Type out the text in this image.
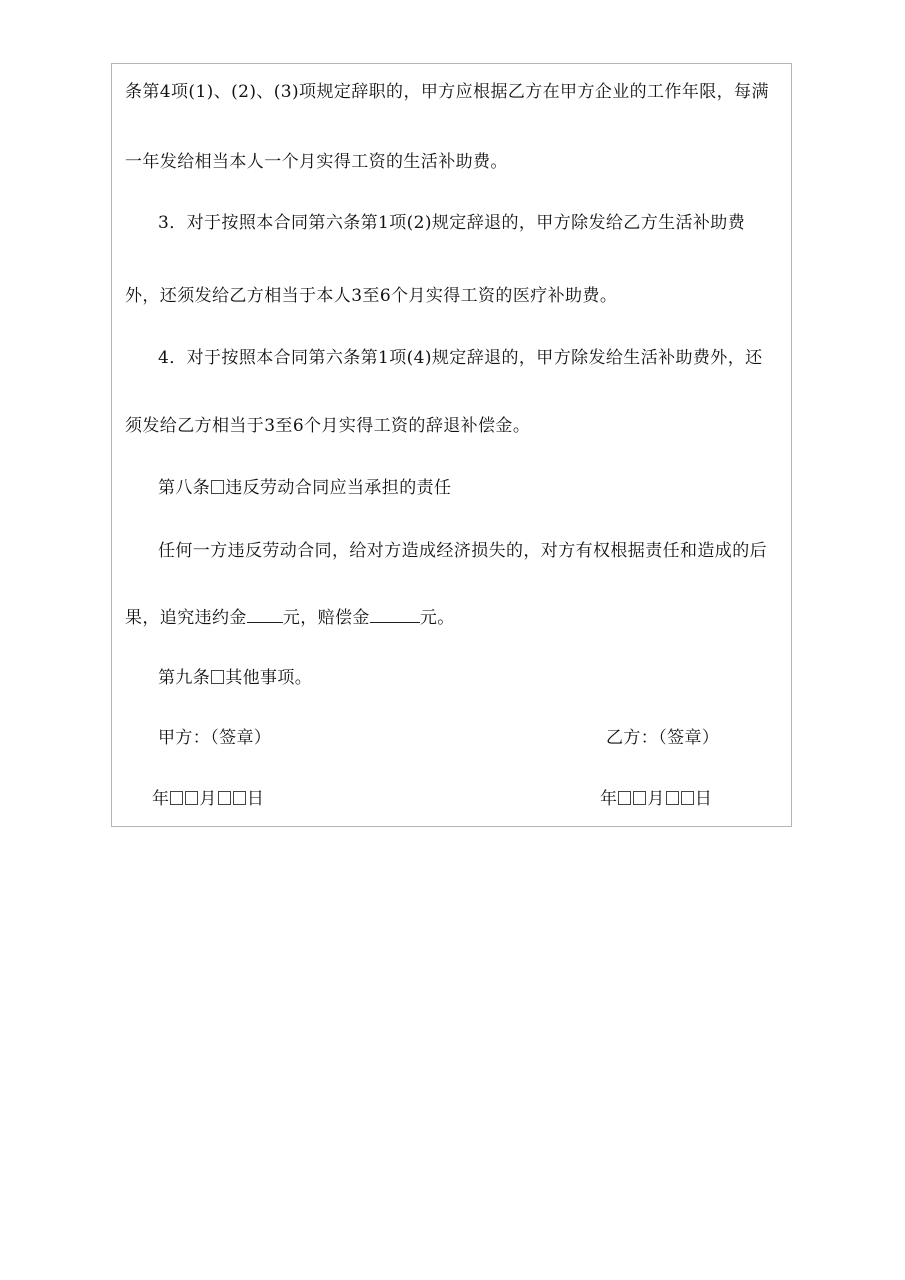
条第4项(1)、(2)、(3)项规定辞职的，甲方应根据乙方在甲方企业的工作年限，每满
一年发给相当本人一个月实得工资的生活补助费。
3．对于按照本合同第六条第1项(2)规定辞退的，甲方除发给乙方生活补助费
外，还须发给乙方相当于本人3至6个月实得工资的医疗补助费。
4．对于按照本合同第六条第1项(4)规定辞退的，甲方除发给生活补助费外，还
须发给乙方相当于3至6个月实得工资的辞退补偿金。
第八条 违反劳动合同应当承担的责任
任何一方违反劳动合同，给对方造成经济损失的，对方有权根据责任和造成的后
果，追究违约金 元，赔偿金	元。
第九条 其他事项。
甲方：（签章）	乙方：（签章）
年 月 日	年 月 日
